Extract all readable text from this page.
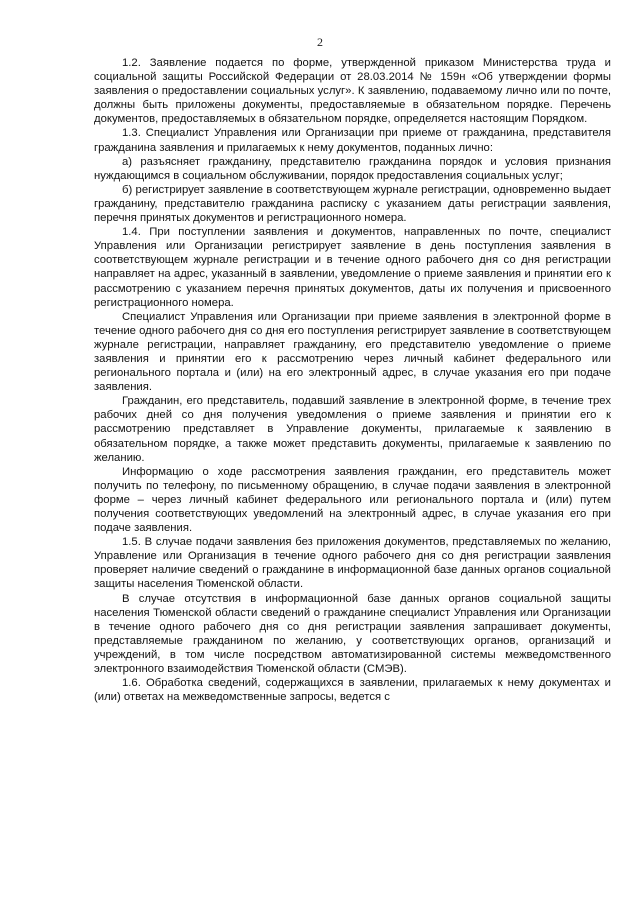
2

1.2. Заявление подается по форме, утвержденной приказом Министерства труда и социальной защиты Российской Федерации от 28.03.2014 № 159н «Об утверждении формы заявления о предоставлении социальных услуг». К заявлению, подаваемому лично или по почте, должны быть приложены документы, предоставляемые в обязательном порядке. Перечень документов, предоставляемых в обязательном порядке, определяется настоящим Порядком.

1.3. Специалист Управления или Организации при приеме от гражданина, представителя гражданина заявления и прилагаемых к нему документов, поданных лично:

а) разъясняет гражданину, представителю гражданина порядок и условия признания нуждающимся в социальном обслуживании, порядок предоставления социальных услуг;

б) регистрирует заявление в соответствующем журнале регистрации, одновременно выдает гражданину, представителю гражданина расписку с указанием даты регистрации заявления, перечня принятых документов и регистрационного номера.

1.4. При поступлении заявления и документов, направленных по почте, специалист Управления или Организации регистрирует заявление в день поступления заявления в соответствующем журнале регистрации и в течение одного рабочего дня со дня регистрации направляет на адрес, указанный в заявлении, уведомление о приеме заявления и принятии его к рассмотрению с указанием перечня принятых документов, даты их получения и присвоенного регистрационного номера.

Специалист Управления или Организации при приеме заявления в электронной форме в течение одного рабочего дня со дня его поступления регистрирует заявление в соответствующем журнале регистрации, направляет гражданину, его представителю уведомление о приеме заявления и принятии его к рассмотрению через личный кабинет федерального или регионального портала и (или) на его электронный адрес, в случае указания его при подаче заявления.

Гражданин, его представитель, подавший заявление в электронной форме, в течение трех рабочих дней со дня получения уведомления о приеме заявления и принятии его к рассмотрению представляет в Управление документы, прилагаемые к заявлению в обязательном порядке, а также может представить документы, прилагаемые к заявлению по желанию.

Информацию о ходе рассмотрения заявления гражданин, его представитель может получить по телефону, по письменному обращению, в случае подачи заявления в электронной форме – через личный кабинет федерального или регионального портала и (или) путем получения соответствующих уведомлений на электронный адрес, в случае указания его при подаче заявления.

1.5. В случае подачи заявления без приложения документов, представляемых по желанию, Управление или Организация в течение одного рабочего дня со дня регистрации заявления проверяет наличие сведений о гражданине в информационной базе данных органов социальной защиты населения Тюменской области.

В случае отсутствия в информационной базе данных органов социальной защиты населения Тюменской области сведений о гражданине специалист Управления или Организации в течение одного рабочего дня со дня регистрации заявления запрашивает документы, представляемые гражданином по желанию, у соответствующих органов, организаций и учреждений, в том числе посредством автоматизированной системы межведомственного электронного взаимодействия Тюменской области (СМЭВ).

1.6. Обработка сведений, содержащихся в заявлении, прилагаемых к нему документах и (или) ответах на межведомственные запросы, ведется с
